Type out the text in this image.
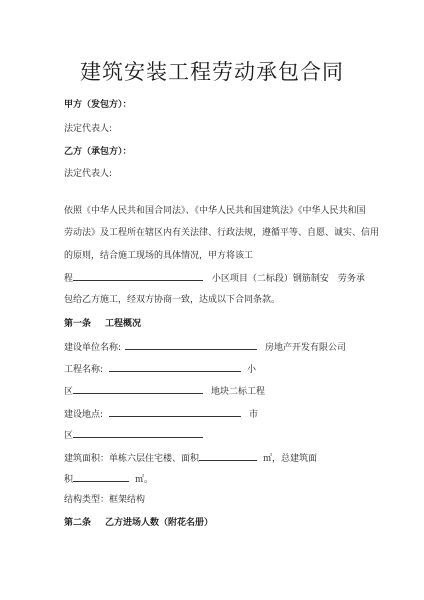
建筑安装工程劳动承包合同
甲方（发包方）：
法定代表人:
乙方（承包方）：
法定代表人:
依照《中华人民共和国合同法》、《中华人民共和国建筑法》《中华人民共和国
劳动法》及工程所在辖区内有关法律、行政法规，遵循平等、自愿、诚实、信用
的原则，结合施工现场的具体情况，甲方将该工
程	小区项目（二标段）钢筋制安　劳务承
包给乙方施工，经双方协商一致，达成以下合同条款。
第一条 工程概况
建设单位名称:	房地产开发有限公司
工程名称:	小
区	地块二标工程
建设地点:	市
区
建筑面积：单栋六层住宅楼、面积	㎡，总建筑面
积	㎡。
结构类型：框架结构
第二条 乙方进场人数（附花名册）
